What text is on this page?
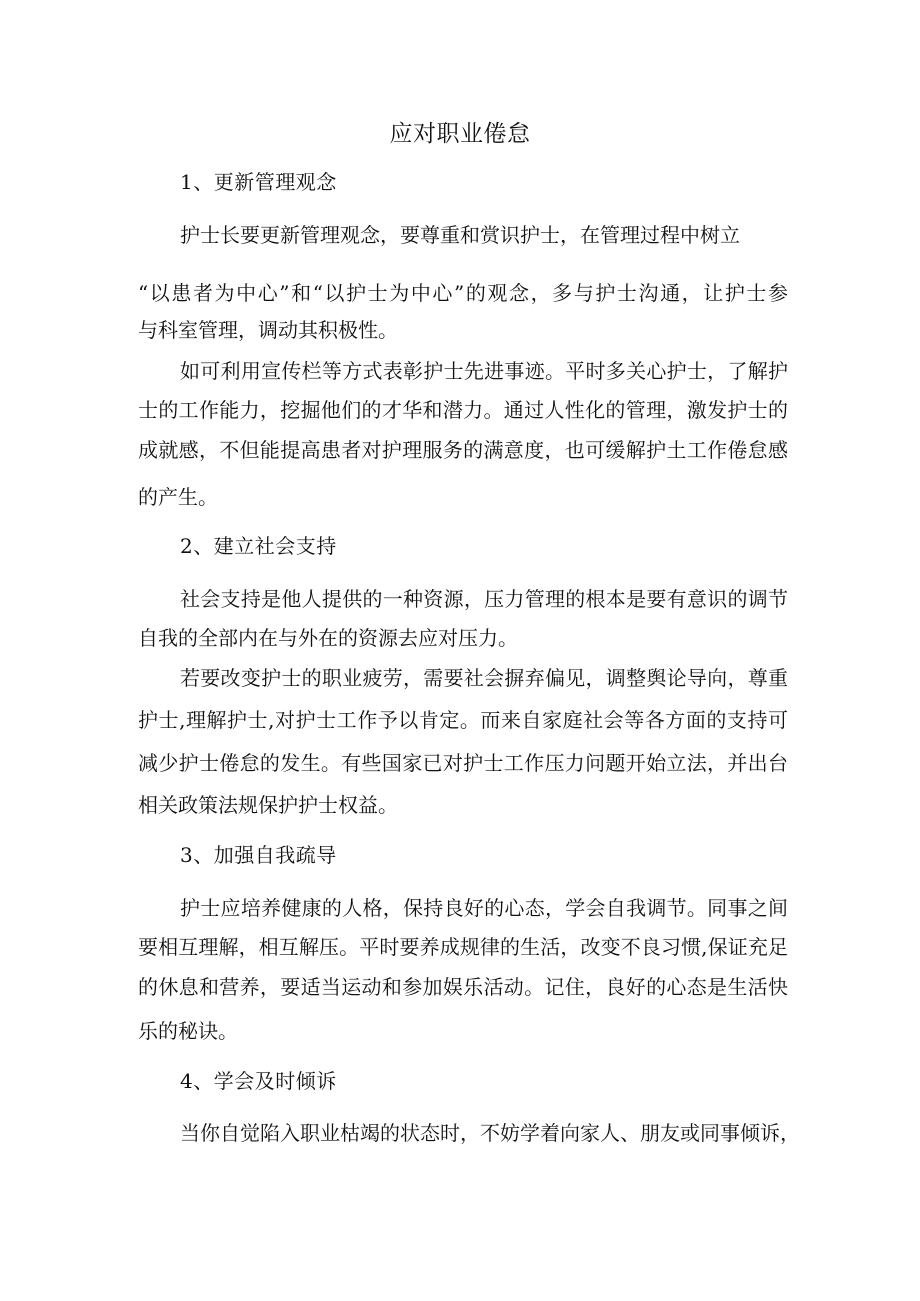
应对职业倦怠
1、更新管理观念
护士长要更新管理观念，要尊重和赏识护士，在管理过程中树立
“以患者为中心”和“以护士为中心”的观念，多与护士沟通，让护士参
与科室管理，调动其积极性。
如可利用宣传栏等方式表彰护士先进事迹。平时多关心护士，了解护
士的工作能力，挖掘他们的才华和潜力。通过人性化的管理，激发护士的
成就感，不但能提高患者对护理服务的满意度，也可缓解护土工作倦怠感
的产生。
2、建立社会支持
社会支持是他人提供的一种资源，压力管理的根本是要有意识的调节
自我的全部内在与外在的资源去应对压力。
若要改变护士的职业疲劳，需要社会摒弃偏见，调整舆论导向，尊重
护士,理解护士,对护士工作予以肯定。而来自家庭社会等各方面的支持可
减少护士倦怠的发生。有些国家已对护士工作压力问题开始立法，并出台
相关政策法规保护护士权益。
3、加强自我疏导
护士应培养健康的人格，保持良好的心态，学会自我调节。同事之间
要相互理解，相互解压。平时要养成规律的生活，改变不良习惯,保证充足
的休息和营养，要适当运动和参加娱乐活动。记住，良好的心态是生活快
乐的秘诀。
4、学会及时倾诉
当你自觉陷入职业枯竭的状态时，不妨学着向家人、朋友或同事倾诉，
